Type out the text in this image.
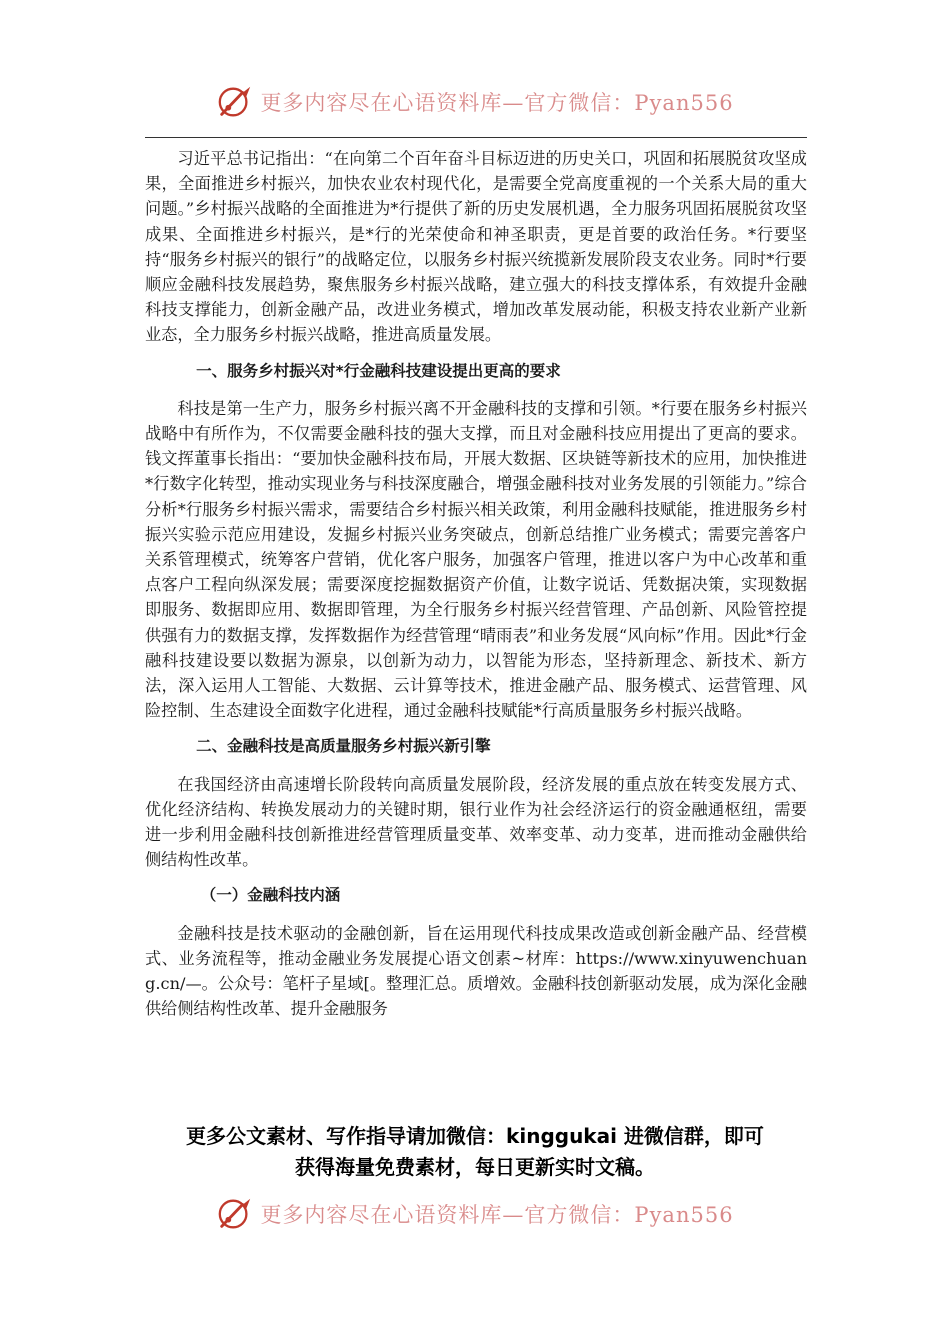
更多内容尽在心语资料库—官方微信：Pyan556

习近平总书记指出：“在向第二个百年奋斗目标迈进的历史关口，巩固和拓展脱贫攻坚成果，全面推进乡村振兴，加快农业农村现代化，是需要全党高度重视的一个关系大局的重大问题。”乡村振兴战略的全面推进为*行提供了新的历史发展机遇，全力服务巩固拓展脱贫攻坚成果、全面推进乡村振兴，是*行的光荣使命和神圣职责，更是首要的政治任务。*行要坚持“服务乡村振兴的银行”的战略定位，以服务乡村振兴统揽新发展阶段支农业务。同时*行要顺应金融科技发展趋势，聚焦服务乡村振兴战略，建立强大的科技支撑体系，有效提升金融科技支撑能力，创新金融产品，改进业务模式，增加改革发展动能，积极支持农业新产业新业态，全力服务乡村振兴战略，推进高质量发展。

一、服务乡村振兴对*行金融科技建设提出更高的要求

科技是第一生产力，服务乡村振兴离不开金融科技的支撑和引领。*行要在服务乡村振兴战略中有所作为，不仅需要金融科技的强大支撑，而且对金融科技应用提出了更高的要求。钱文挥董事长指出：“要加快金融科技布局，开展大数据、区块链等新技术的应用，加快推进*行数字化转型，推动实现业务与科技深度融合，增强金融科技对业务发展的引领能力。”综合分析*行服务乡村振兴需求，需要结合乡村振兴相关政策，利用金融科技赋能，推进服务乡村振兴实验示范应用建设，发掘乡村振兴业务突破点，创新总结推广业务模式；需要完善客户关系管理模式，统筹客户营销，优化客户服务，加强客户管理，推进以客户为中心改革和重点客户工程向纵深发展；需要深度挖掘数据资产价值，让数字说话、凭数据决策，实现数据即服务、数据即应用、数据即管理，为全行服务乡村振兴经营管理、产品创新、风险管控提供强有力的数据支撑，发挥数据作为经营管理“晴雨表”和业务发展“风向标”作用。因此*行金融科技建设要以数据为源泉，以创新为动力，以智能为形态，坚持新理念、新技术、新方法，深入运用人工智能、大数据、云计算等技术，推进金融产品、服务模式、运营管理、风险控制、生态建设全面数字化进程，通过金融科技赋能*行高质量服务乡村振兴战略。

二、金融科技是高质量服务乡村振兴新引擎

在我国经济由高速增长阶段转向高质量发展阶段，经济发展的重点放在转变发展方式、优化经济结构、转换发展动力的关键时期，银行业作为社会经济运行的资金融通枢纽，需要进一步利用金融科技创新推进经营管理质量变革、效率变革、动力变革，进而推动金融供给侧结构性改革。

（一）金融科技内涵

金融科技是技术驱动的金融创新，旨在运用现代科技成果改造或创新金融产品、经营模式、业务流程等，推动金融业务发展提心语文创素~材库：https://www.xinyuwenchuang.cn/—。公众号：笔杆子星域[。整理汇总。质增效。金融科技创新驱动发展，成为深化金融供给侧结构性改革、提升金融服务

更多公文素材、写作指导请加微信：kinggukai 进微信群，即可
获得海量免费素材，每日更新实时文稿。
更多内容尽在心语资料库—官方微信：Pyan556
